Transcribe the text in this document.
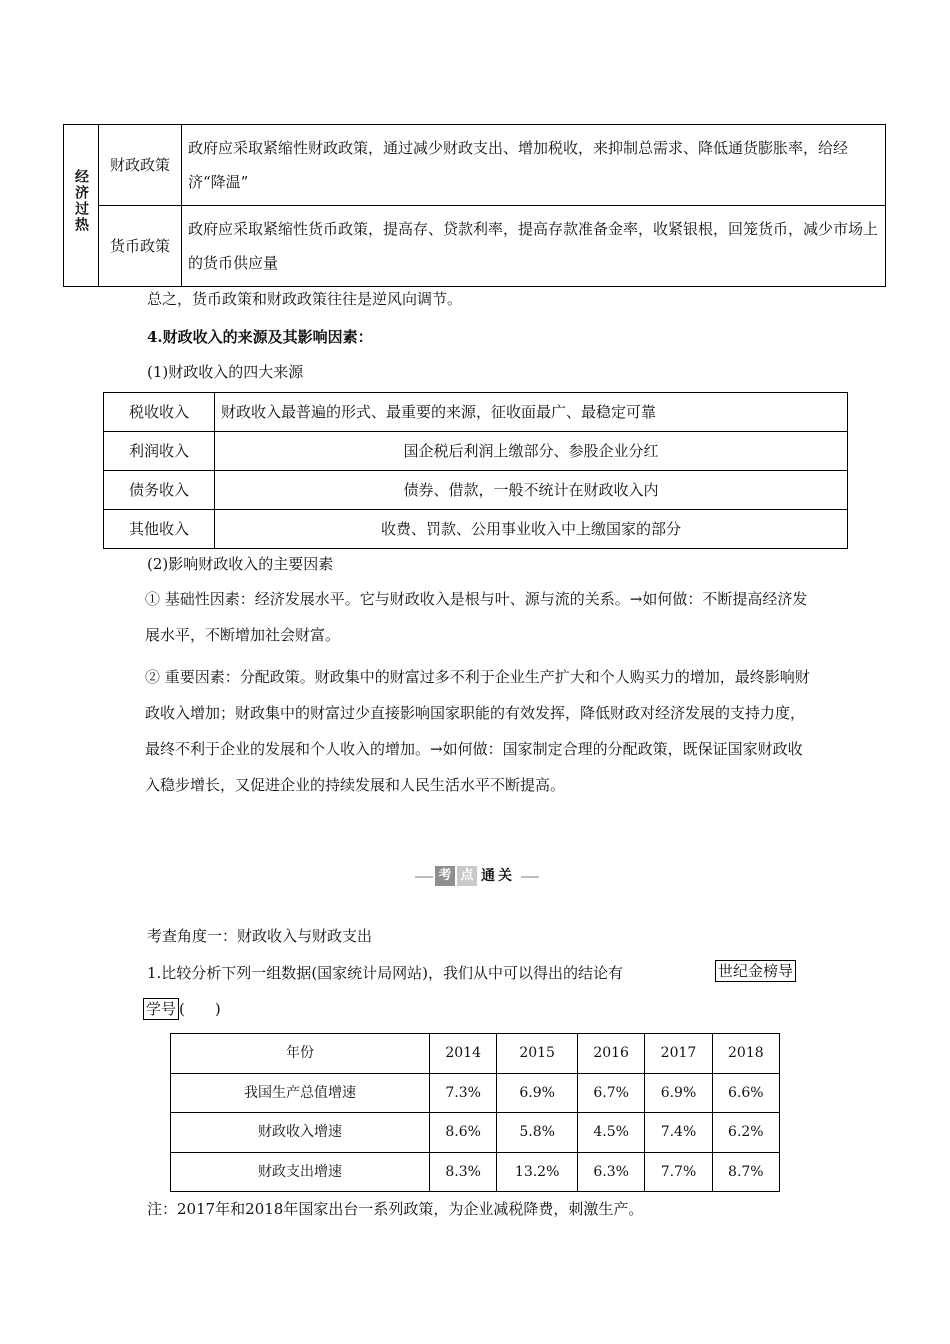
经济过热	财政政策	政府应采取紧缩性财政政策，通过减少财政支出、增加税收，来抑制总需求、降低通货膨胀率，给经济“降温”
	货币政策	政府应采取紧缩性货币政策，提高存、贷款利率，提高存款准备金率，收紧银根，回笼货币，减少市场上的货币供应量
总之，货币政策和财政政策往往是逆风向调节。
4.财政收入的来源及其影响因素：
(1)财政收入的四大来源
税收收入	财政收入最普遍的形式、最重要的来源，征收面最广、最稳定可靠
利润收入	国企税后利润上缴部分、参股企业分红
债务收入	债券、借款，一般不统计在财政收入内
其他收入	收费、罚款、公用事业收入中上缴国家的部分
(2)影响财政收入的主要因素
① 基础性因素：经济发展水平。它与财政收入是根与叶、源与流的关系。→如何做：不断提高经济发展水平，不断增加社会财富。
② 重要因素：分配政策。财政集中的财富过多不利于企业生产扩大和个人购买力的增加，最终影响财政收入增加；财政集中的财富过少直接影响国家职能的有效发挥，降低财政对经济发展的支持力度，最终不利于企业的发展和个人收入的增加。→如何做：国家制定合理的分配政策，既保证国家财政收入稳步增长，又促进企业的持续发展和人民生活水平不断提高。
考 点 通关
考查角度一：财政收入与财政支出
1.比较分析下列一组数据(国家统计局网站)，我们从中可以得出的结论有	世纪金榜导
学号 (　　)
年份	2014	2015	2016	2017	2018
我国生产总值增速	7.3%	6.9%	6.7%	6.9%	6.6%
财政收入增速	8.6%	5.8%	4.5%	7.4%	6.2%
财政支出增速	8.3%	13.2%	6.3%	7.7%	8.7%
注：2017年和2018年国家出台一系列政策，为企业减税降费，刺激生产。
